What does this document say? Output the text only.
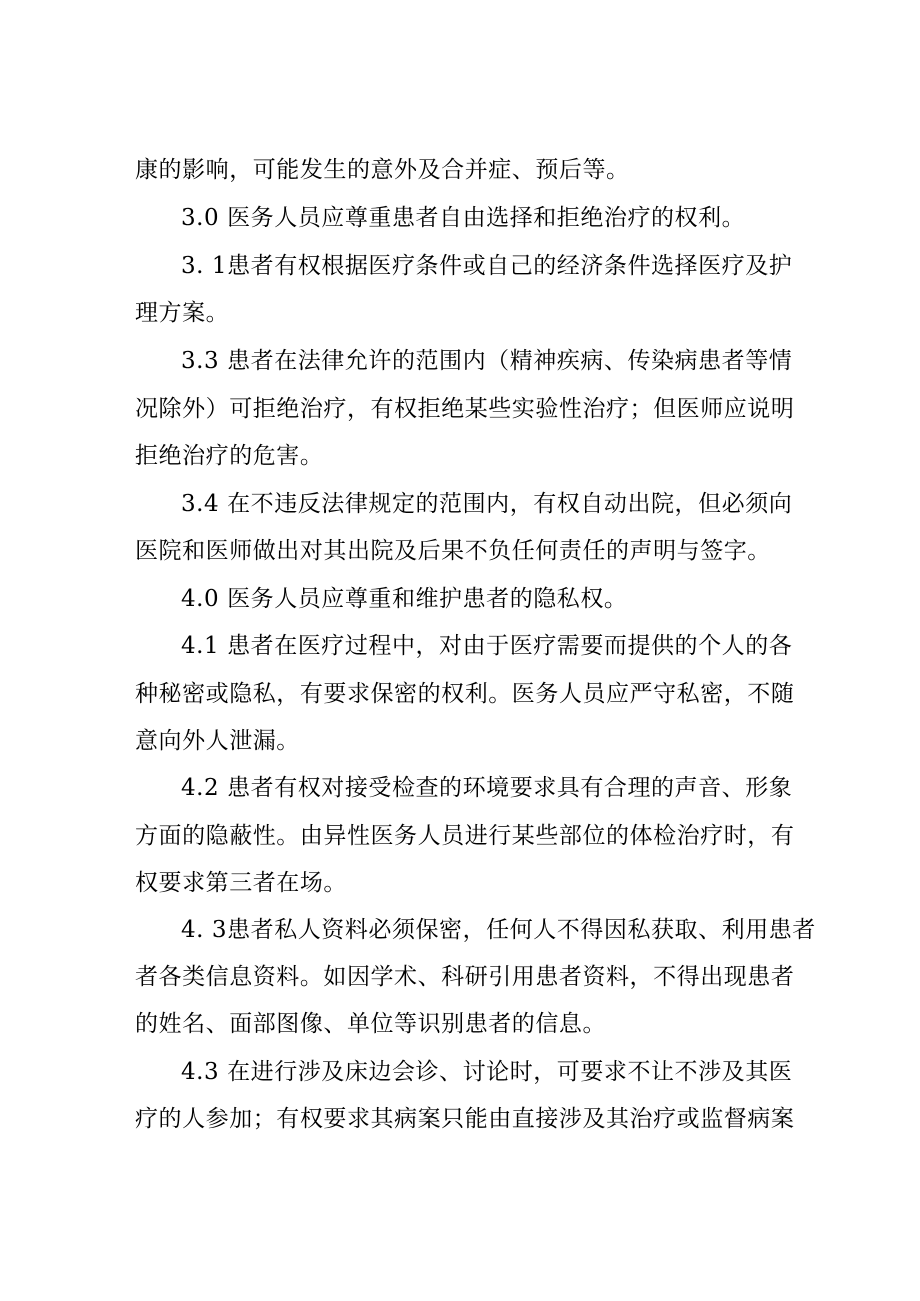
康的影响，可能发生的意外及合并症、预后等。

3.0 医务人员应尊重患者自由选择和拒绝治疗的权利。

3. 1患者有权根据医疗条件或自己的经济条件选择医疗及护

理方案。

3.3 患者在法律允许的范围内（精神疾病、传染病患者等情

况除外）可拒绝治疗，有权拒绝某些实验性治疗；但医师应说明

拒绝治疗的危害。

3.4 在不违反法律规定的范围内，有权自动出院，但必须向

医院和医师做出对其出院及后果不负任何责任的声明与签字。

4.0 医务人员应尊重和维护患者的隐私权。

4.1 患者在医疗过程中，对由于医疗需要而提供的个人的各

种秘密或隐私，有要求保密的权利。医务人员应严守私密，不随

意向外人泄漏。

4.2 患者有权对接受检查的环境要求具有合理的声音、形象

方面的隐蔽性。由异性医务人员进行某些部位的体检治疗时，有

权要求第三者在场。

4. 3患者私人资料必须保密，任何人不得因私获取、利用患者

者各类信息资料。如因学术、科研引用患者资料，不得出现患者

的姓名、面部图像、单位等识别患者的信息。

4.3 在进行涉及床边会诊、讨论时，可要求不让不涉及其医

疗的人参加；有权要求其病案只能由直接涉及其治疗或监督病案
